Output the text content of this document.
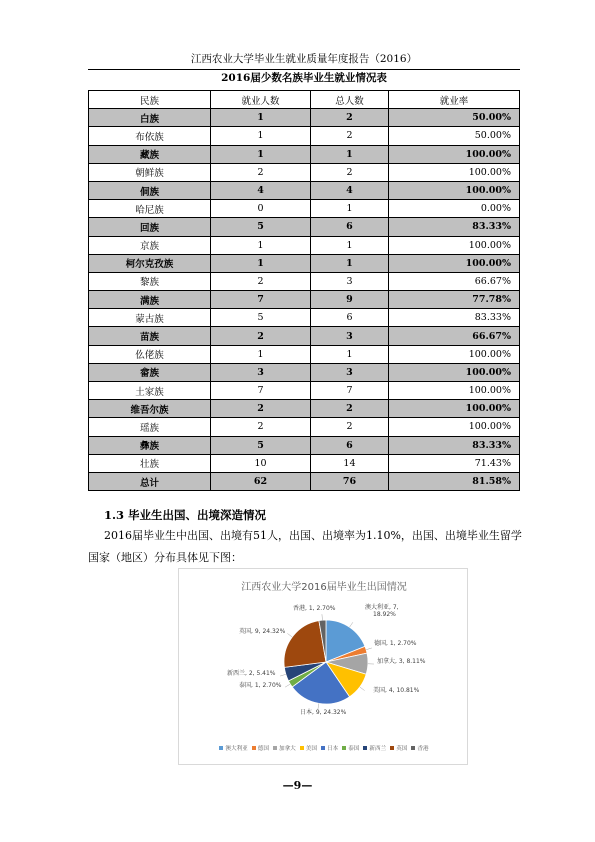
江西农业大学毕业生就业质量年度报告（2016）
2016届少数名族毕业生就业情况表
民族	就业人数	总人数	就业率
白族	1	2	50.00%
布依族	1	2	50.00%
藏族	1	1	100.00%
朝鲜族	2	2	100.00%
侗族	4	4	100.00%
哈尼族	0	1	0.00%
回族	5	6	83.33%
京族	1	1	100.00%
柯尔克孜族	1	1	100.00%
黎族	2	3	66.67%
满族	7	9	77.78%
蒙古族	5	6	83.33%
苗族	2	3	66.67%
仫佬族	1	1	100.00%
畲族	3	3	100.00%
土家族	7	7	100.00%
维吾尔族	2	2	100.00%
瑶族	2	2	100.00%
彝族	5	6	83.33%
壮族	10	14	71.43%
总计	62	76	81.58%
1.3 毕业生出国、出境深造情况
2016届毕业生中出国、出境有51人，出国、出境率为1.10%，出国、出境毕业生留学国家（地区）分布具体见下图：
江西农业大学2016届毕业生出国情况
澳大利亚, 7, 18.92%
德国, 1, 2.70%
加拿大, 3, 8.11%
美国, 4, 10.81%
日本, 9, 24.32%
泰国, 1, 2.70%
新西兰, 2, 5.41%
英国, 9, 24.32%
香港, 1, 2.70%
澳大利亚 德国 加拿大 美国 日本 泰国 新西兰 英国 香港
—9—
